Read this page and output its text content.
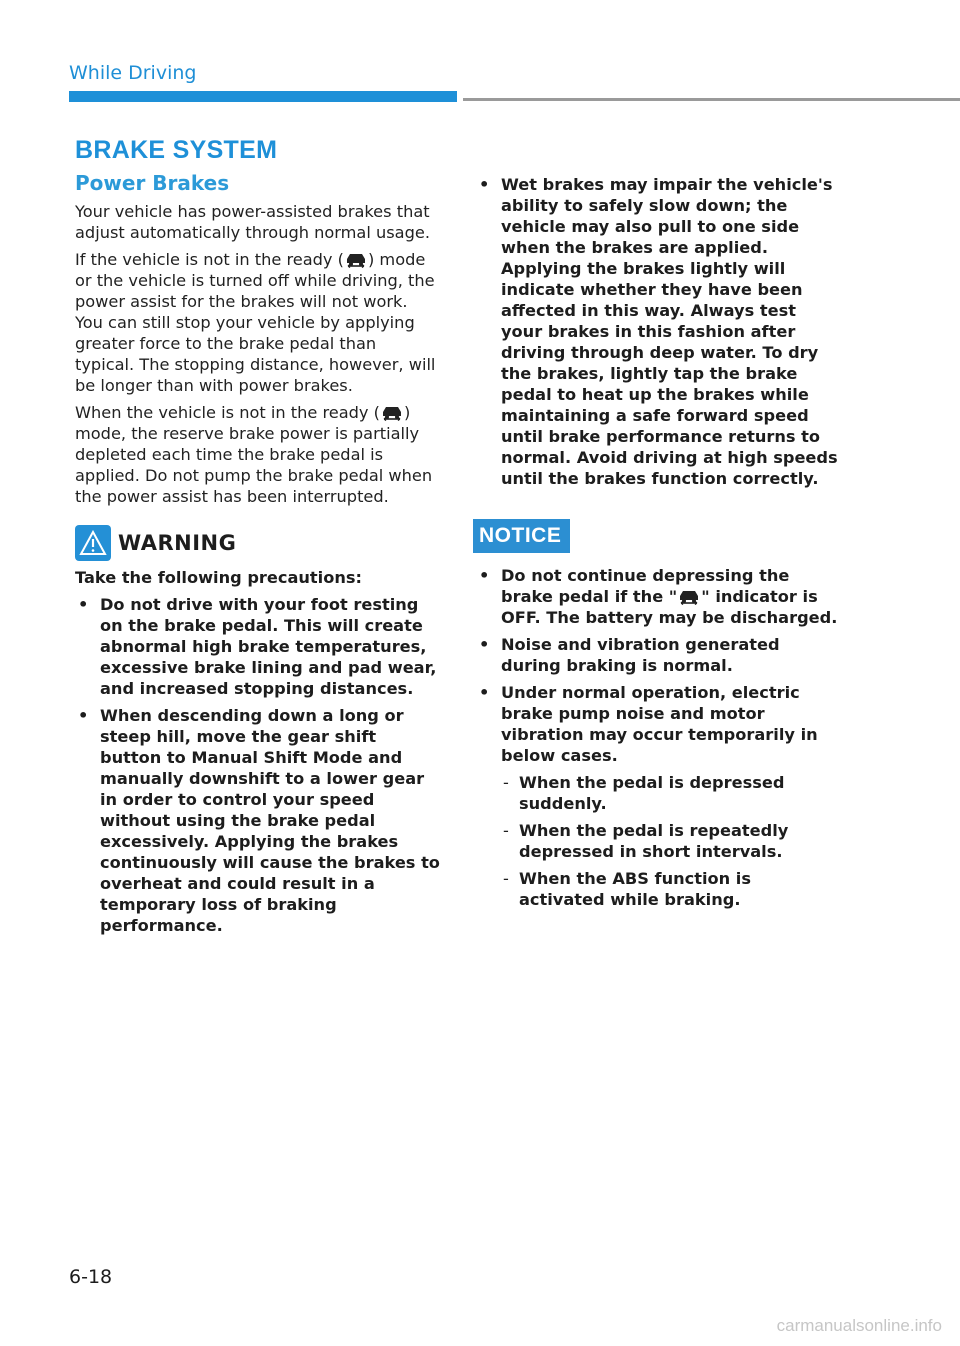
While Driving
BRAKE SYSTEM
Power Brakes

Your vehicle has power-assisted brakes that adjust automatically through normal usage.

If the vehicle is not in the ready ( ) mode or the vehicle is turned off while driving, the power assist for the brakes will not work. You can still stop your vehicle by applying greater force to the brake pedal than typical. The stopping distance, however, will be longer than with power brakes.

When the vehicle is not in the ready ( ) mode, the reserve brake power is partially depleted each time the brake pedal is applied. Do not pump the brake pedal when the power assist has been interrupted.

WARNING

Take the following precautions:

• Do not drive with your foot resting on the brake pedal. This will create abnormal high brake temperatures, excessive brake lining and pad wear, and increased stopping distances.
• When descending down a long or steep hill, move the gear shift button to Manual Shift Mode and manually downshift to a lower gear in order to control your speed without using the brake pedal excessively. Applying the brakes continuously will cause the brakes to overheat and could result in a temporary loss of braking performance.
• Wet brakes may impair the vehicle's ability to safely slow down; the vehicle may also pull to one side when the brakes are applied. Applying the brakes lightly will indicate whether they have been affected in this way. Always test your brakes in this fashion after driving through deep water. To dry the brakes, lightly tap the brake pedal to heat up the brakes while maintaining a safe forward speed until brake performance returns to normal. Avoid driving at high speeds until the brakes function correctly.
NOTICE
• Do not continue depressing the brake pedal if the " " indicator is OFF. The battery may be discharged.
• Noise and vibration generated during braking is normal.
• Under normal operation, electric brake pump noise and motor vibration may occur temporarily in below cases.
- When the pedal is depressed suddenly.
- When the pedal is repeatedly depressed in short intervals.
- When the ABS function is activated while braking.
6-18
carmanualsonline.info
